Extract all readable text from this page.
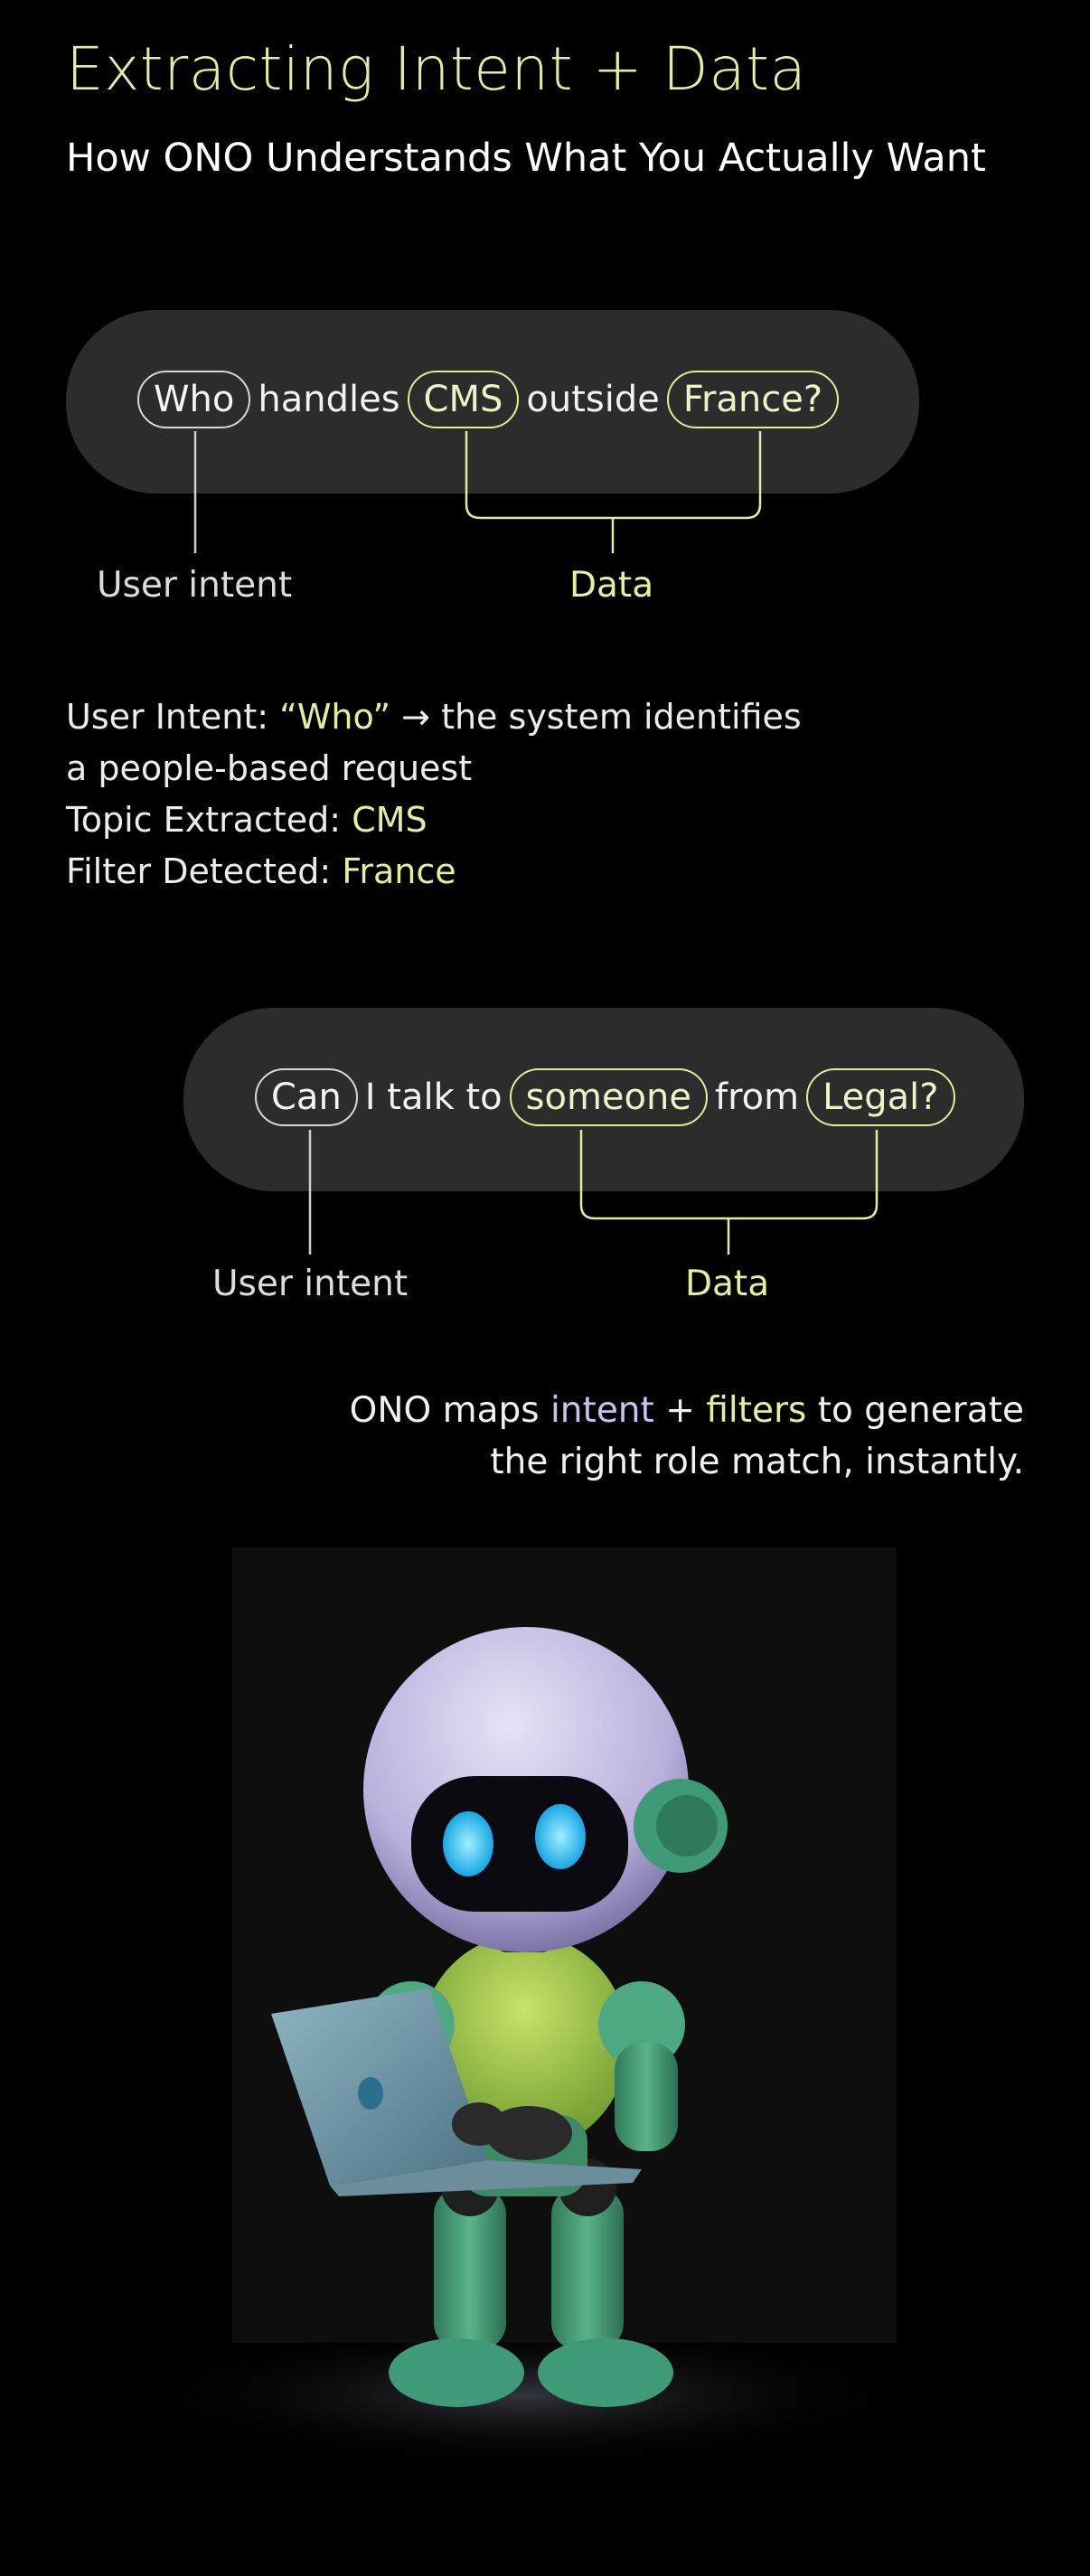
Extracting Intent + Data
How ONO Understands What You Actually Want
Who handles CMS outside France?
User intent	Data
User Intent: “Who” → the system identifies
a people-based request
Topic Extracted: CMS
Filter Detected: France
Can I talk to someone from Legal?
User intent	Data
ONO maps intent + filters to generate
the right role match, instantly.
